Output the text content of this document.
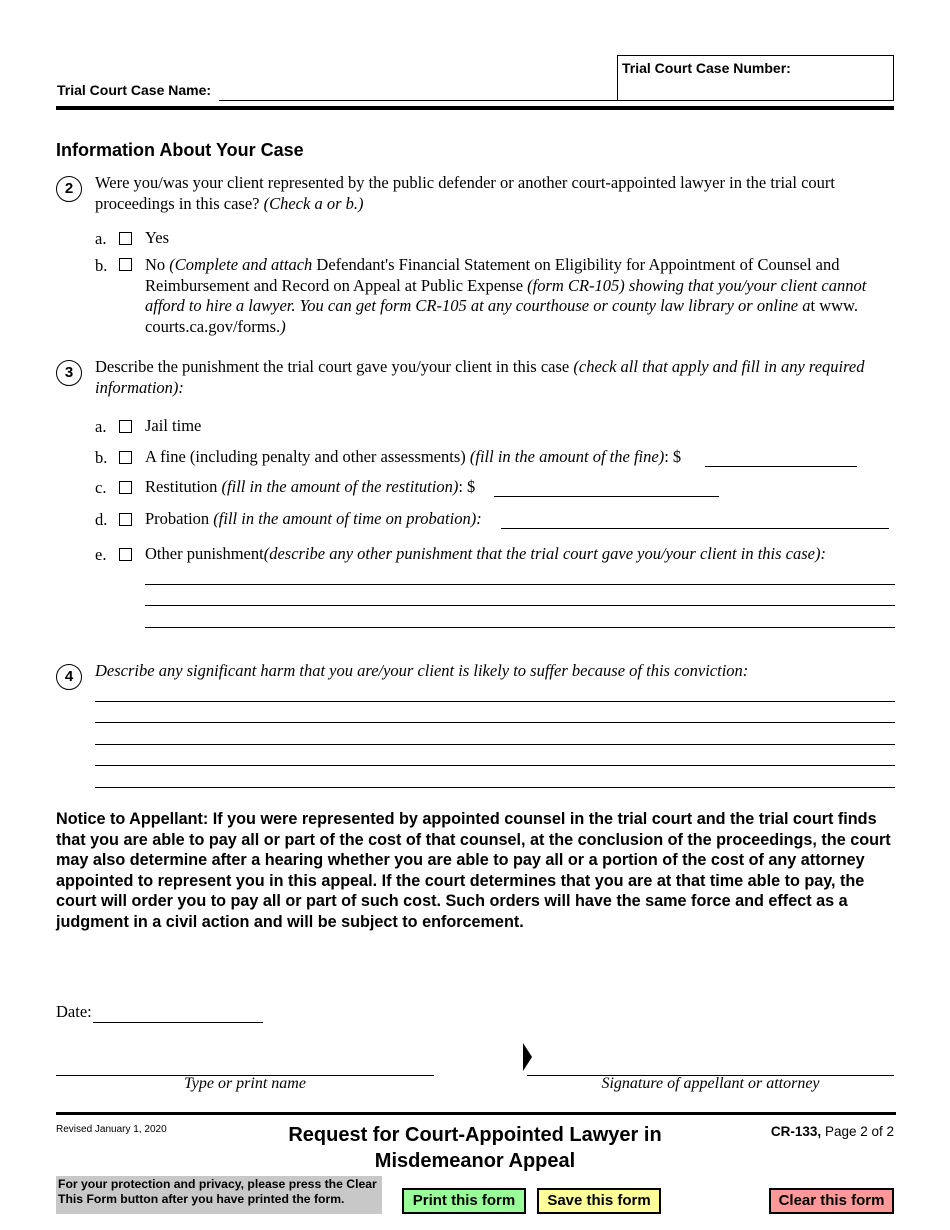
Trial Court Case Name:
Trial Court Case Number:
Information About Your Case
2	Were you/was your client represented by the public defender or another court-appointed lawyer in the trial court proceedings in this case? (Check a or b.)
a. Yes
b. No (Complete and attach Defendant's Financial Statement on Eligibility for Appointment of Counsel and Reimbursement and Record on Appeal at Public Expense (form CR-105) showing that you/your client cannot afford to hire a lawyer. You can get form CR-105 at any courthouse or county law library or online at www. courts.ca.gov/forms.)
3	Describe the punishment the trial court gave you/your client in this case (check all that apply and fill in any required information):
a. Jail time
b. A fine (including penalty and other assessments) (fill in the amount of the fine): $
c. Restitution (fill in the amount of the restitution): $
d. Probation (fill in the amount of time on probation):
e. Other punishment(describe any other punishment that the trial court gave you/your client in this case):
4	Describe any significant harm that you are/your client is likely to suffer because of this conviction:
Notice to Appellant: If you were represented by appointed counsel in the trial court and the trial court finds that you are able to pay all or part of the cost of that counsel, at the conclusion of the proceedings, the court may also determine after a hearing whether you are able to pay all or a portion of the cost of any attorney appointed to represent you in this appeal. If the court determines that you are at that time able to pay, the court will order you to pay all or part of such cost. Such orders will have the same force and effect as a judgment in a civil action and will be subject to enforcement.
Date:
Type or print name	Signature of appellant or attorney
Revised January 1, 2020	Request for Court-Appointed Lawyer in
Misdemeanor Appeal
CR-133, Page 2 of 2
For your protection and privacy, please press the Clear This Form button after you have printed the form.	Print this form	Save this form	Clear this form
